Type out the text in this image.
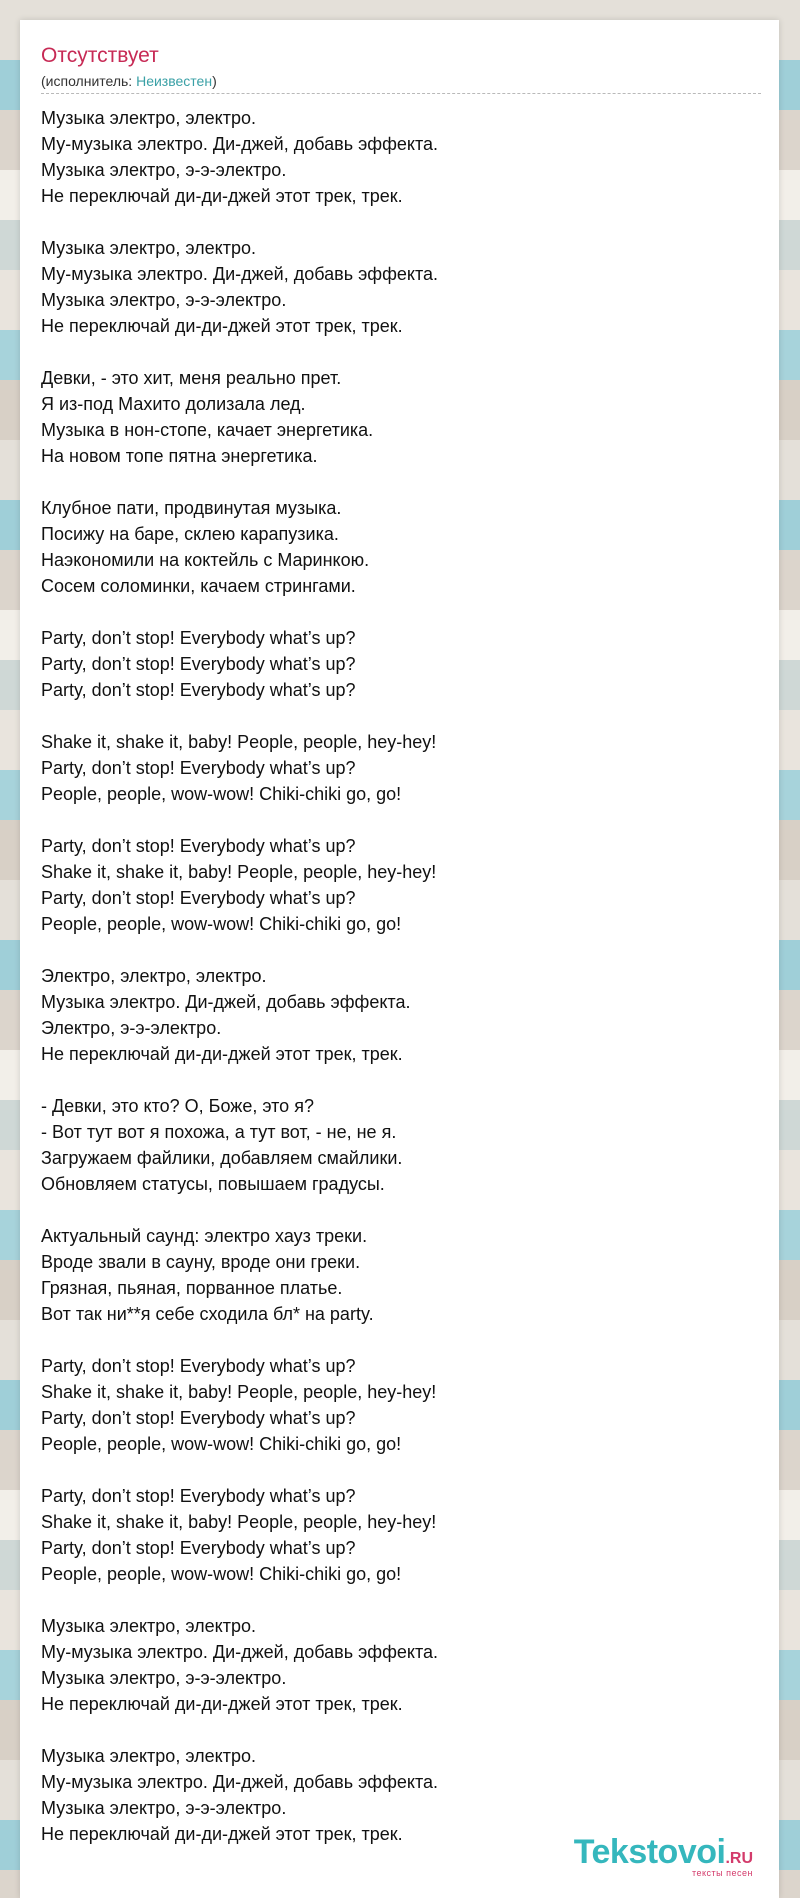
Отсутствует
(исполнитель: Неизвестен)
Музыка электро, электро.
Му-музыка электро. Ди-джей, добавь эффекта.
Музыка электро, э-э-электро.
Не переключай ди-ди-джей этот трек, трек.
Музыка электро, электро.
Му-музыка электро. Ди-джей, добавь эффекта.
Музыка электро, э-э-электро.
Не переключай ди-ди-джей этот трек, трек.
Девки, - это хит, меня реально прет.
Я из-под Махито долизала лед.
Музыка в нон-стопе, качает энергетика.
На новом топе пятна энергетика.
Клубное пати, продвинутая музыка.
Посижу на баре, склею карапузика.
Наэкономили на коктейль с Маринкою.
Сосем соломинки, качаем стрингами.
Party, don’t stop! Everybody what’s up?
Party, don’t stop! Everybody what’s up?
Party, don’t stop! Everybody what’s up?
Shake it, shake it, baby! People, people, hey-hey!
Party, don’t stop! Everybody what’s up?
People, people, wow-wow! Chiki-chiki go, go!
Party, don’t stop! Everybody what’s up?
Shake it, shake it, baby! People, people, hey-hey!
Party, don’t stop! Everybody what’s up?
People, people, wow-wow! Chiki-chiki go, go!
Электро, электро, электро.
Музыка электро. Ди-джей, добавь эффекта.
Электро, э-э-электро.
Не переключай ди-ди-джей этот трек, трек.
- Девки, это кто? О, Боже, это я?
- Вот тут вот я похожа, а тут вот, - не, не я.
Загружаем файлики, добавляем смайлики.
Обновляем статусы, повышаем градусы.
Актуальный саунд: электро хауз треки.
Вроде звали в сауну, вроде они греки.
Грязная, пьяная, порванное платье.
Вот так ни**я себе сходила бл* на party.
Party, don’t stop! Everybody what’s up?
Shake it, shake it, baby! People, people, hey-hey!
Party, don’t stop! Everybody what’s up?
People, people, wow-wow! Chiki-chiki go, go!
Party, don’t stop! Everybody what’s up?
Shake it, shake it, baby! People, people, hey-hey!
Party, don’t stop! Everybody what’s up?
People, people, wow-wow! Chiki-chiki go, go!
Музыка электро, электро.
Му-музыка электро. Ди-джей, добавь эффекта.
Музыка электро, э-э-электро.
Не переключай ди-ди-джей этот трек, трек.
Музыка электро, электро.
Му-музыка электро. Ди-джей, добавь эффекта.
Музыка электро, э-э-электро.
Не переключай ди-ди-джей этот трек, трек.	Tekstovoi.RU
тексты песен
